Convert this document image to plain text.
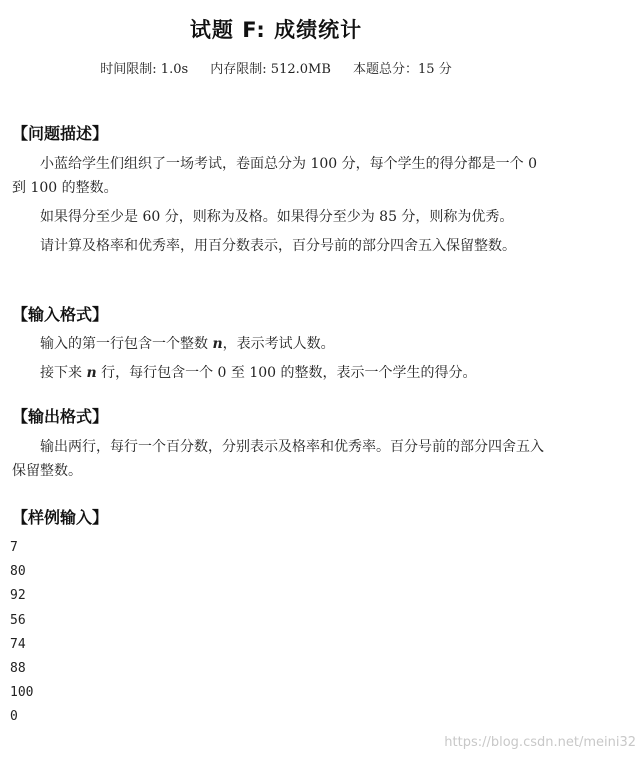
试题 F: 成绩统计
时间限制: 1.0s 内存限制: 512.0MB 本题总分：15 分
【问题描述】
小蓝给学生们组织了一场考试，卷面总分为 100 分，每个学生的得分都是一个 0 到 100 的整数。
如果得分至少是 60 分，则称为及格。如果得分至少为 85 分，则称为优秀。
请计算及格率和优秀率，用百分数表示，百分号前的部分四舍五入保留整数。
【输入格式】
输入的第一行包含一个整数 n，表示考试人数。
接下来 n 行，每行包含一个 0 至 100 的整数，表示一个学生的得分。
【输出格式】
输出两行，每行一个百分数，分别表示及格率和优秀率。百分号前的部分四舍五入保留整数。
【样例输入】
7
80
92
56
74
88
100
0
https://blog.csdn.net/meini32
